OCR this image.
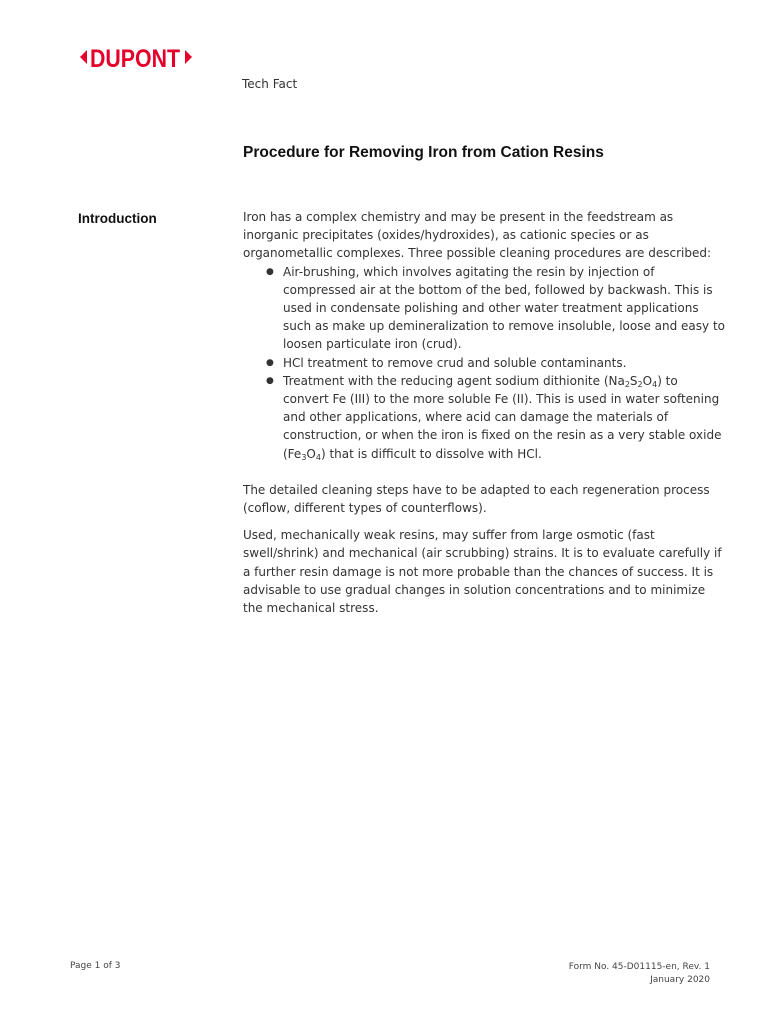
DUPONT
Tech Fact
Procedure for Removing Iron from Cation Resins
Introduction	Iron has a complex chemistry and may be present in the feedstream as inorganic precipitates (oxides/hydroxides), as cationic species or as organometallic complexes. Three possible cleaning procedures are described:

● Air-brushing, which involves agitating the resin by injection of compressed air at the bottom of the bed, followed by backwash. This is used in condensate polishing and other water treatment applications such as make up demineralization to remove insoluble, loose and easy to loosen particulate iron (crud).
● HCl treatment to remove crud and soluble contaminants.
● Treatment with the reducing agent sodium dithionite $(Na_2S_2O_4)$ to convert Fe (III) to the more soluble Fe (II). This is used in water softening and other applications, where acid can damage the materials of construction, or when the iron is fixed on the resin as a very stable oxide $(Fe_3O_4)$ that is difficult to dissolve with HCl.

The detailed cleaning steps have to be adapted to each regeneration process (coflow, different types of counterflows).

Used, mechanically weak resins, may suffer from large osmotic (fast swell/shrink) and mechanical (air scrubbing) strains. It is to evaluate carefully if a further resin damage is not more probable than the chances of success. It is advisable to use gradual changes in solution concentrations and to minimize the mechanical stress.

Page 1 of 3	Form No. 45-D01115-en, Rev. 1
January 2020
